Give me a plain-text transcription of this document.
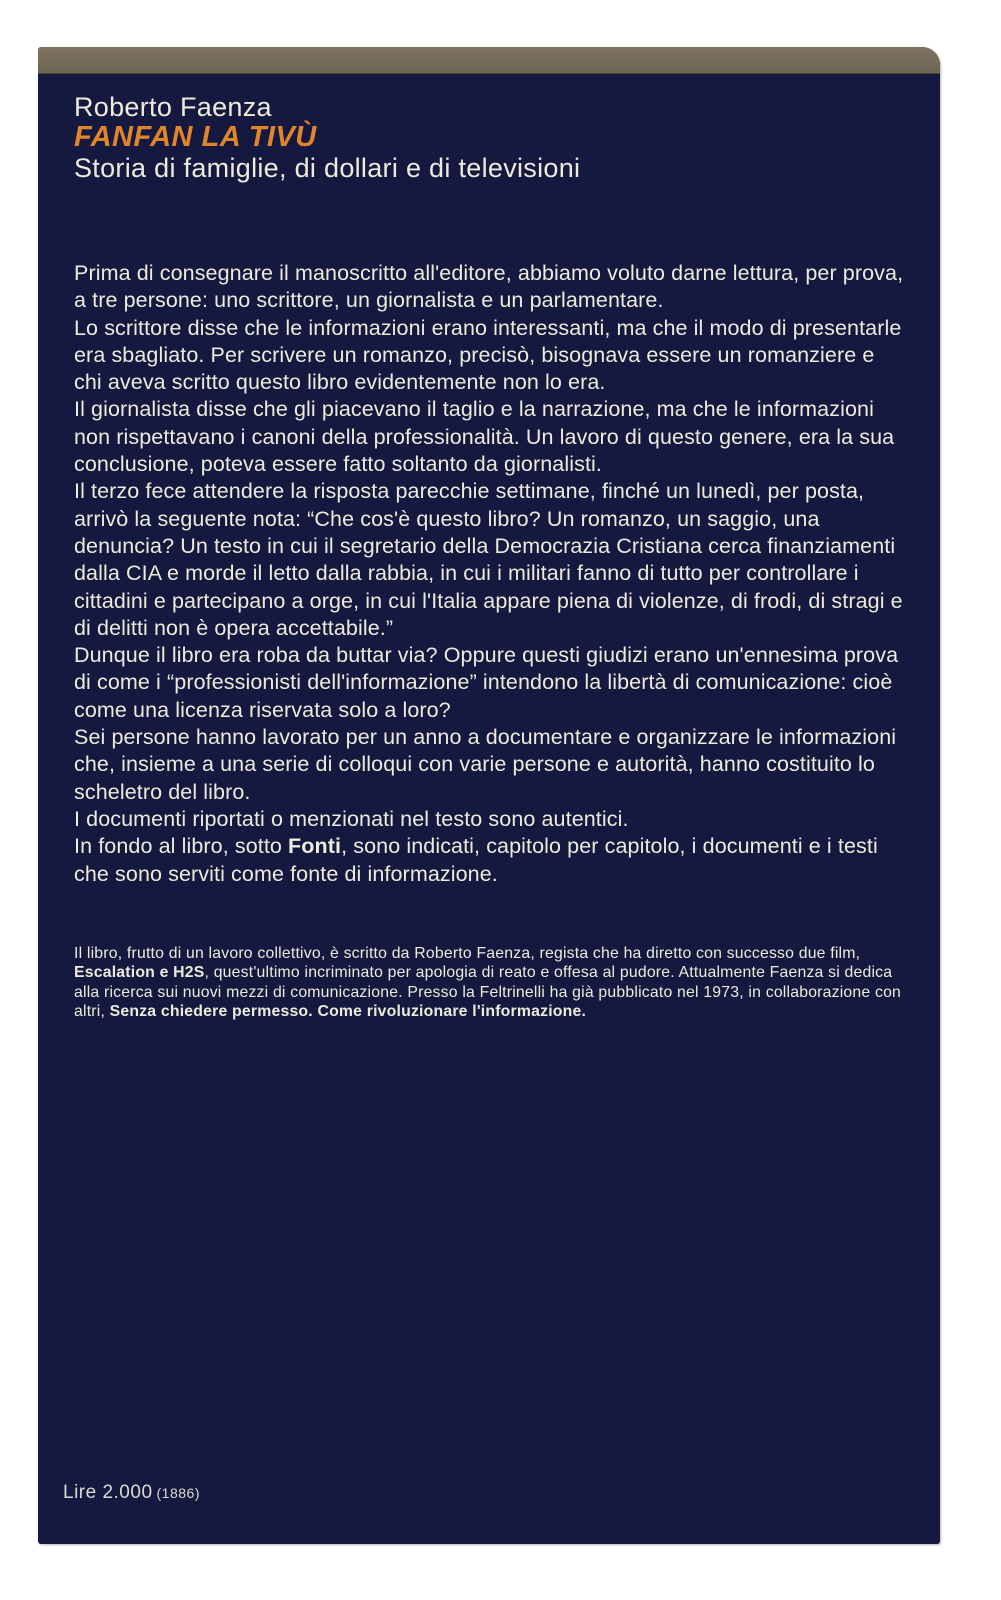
Roberto Faenza

FANFAN LA TIVÙ

Storia di famiglie, di dollari e di televisioni

Prima di consegnare il manoscritto all'editore, abbiamo voluto darne lettura, per prova, a tre persone: uno scrittore, un giornalista e un parlamentare.

Lo scrittore disse che le informazioni erano interessanti, ma che il modo di presentarle era sbagliato. Per scrivere un romanzo, precisò, bisognava essere un romanziere e chi aveva scritto questo libro evidentemente non lo era.

Il giornalista disse che gli piacevano il taglio e la narrazione, ma che le informazioni non rispettavano i canoni della professionalità. Un lavoro di questo genere, era la sua conclusione, poteva essere fatto soltanto da giornalisti.

Il terzo fece attendere la risposta parecchie settimane, finché un lunedì, per posta, arrivò la seguente nota: “Che cos'è questo libro? Un romanzo, un saggio, una denuncia? Un testo in cui il segretario della Democrazia Cristiana cerca finanziamenti dalla CIA e morde il letto dalla rabbia, in cui i militari fanno di tutto per controllare i cittadini e partecipano a orge, in cui l'Italia appare piena di violenze, di frodi, di stragi e di delitti non è opera accettabile.”

Dunque il libro era roba da buttar via? Oppure questi giudizi erano un'ennesima prova di come i “professionisti dell'informazione” intendono la libertà di comunicazione: cioè come una licenza riservata solo a loro?

Sei persone hanno lavorato per un anno a documentare e organizzare le informazioni che, insieme a una serie di colloqui con varie persone e autorità, hanno costituito lo scheletro del libro.

I documenti riportati o menzionati nel testo sono autentici.

In fondo al libro, sotto Fonti, sono indicati, capitolo per capitolo, i documenti e i testi che sono serviti come fonte di informazione.

Il libro, frutto di un lavoro collettivo, è scritto da Roberto Faenza, regista che ha diretto con successo due film, Escalation e H2S, quest'ultimo incriminato per apologia di reato e offesa al pudore. Attualmente Faenza si dedica alla ricerca sui nuovi mezzi di comunicazione. Presso la Feltrinelli ha già pubblicato nel 1973, in collaborazione con altri, Senza chiedere permesso. Come rivoluzionare l'informazione.

Lire 2.000 (1886)
